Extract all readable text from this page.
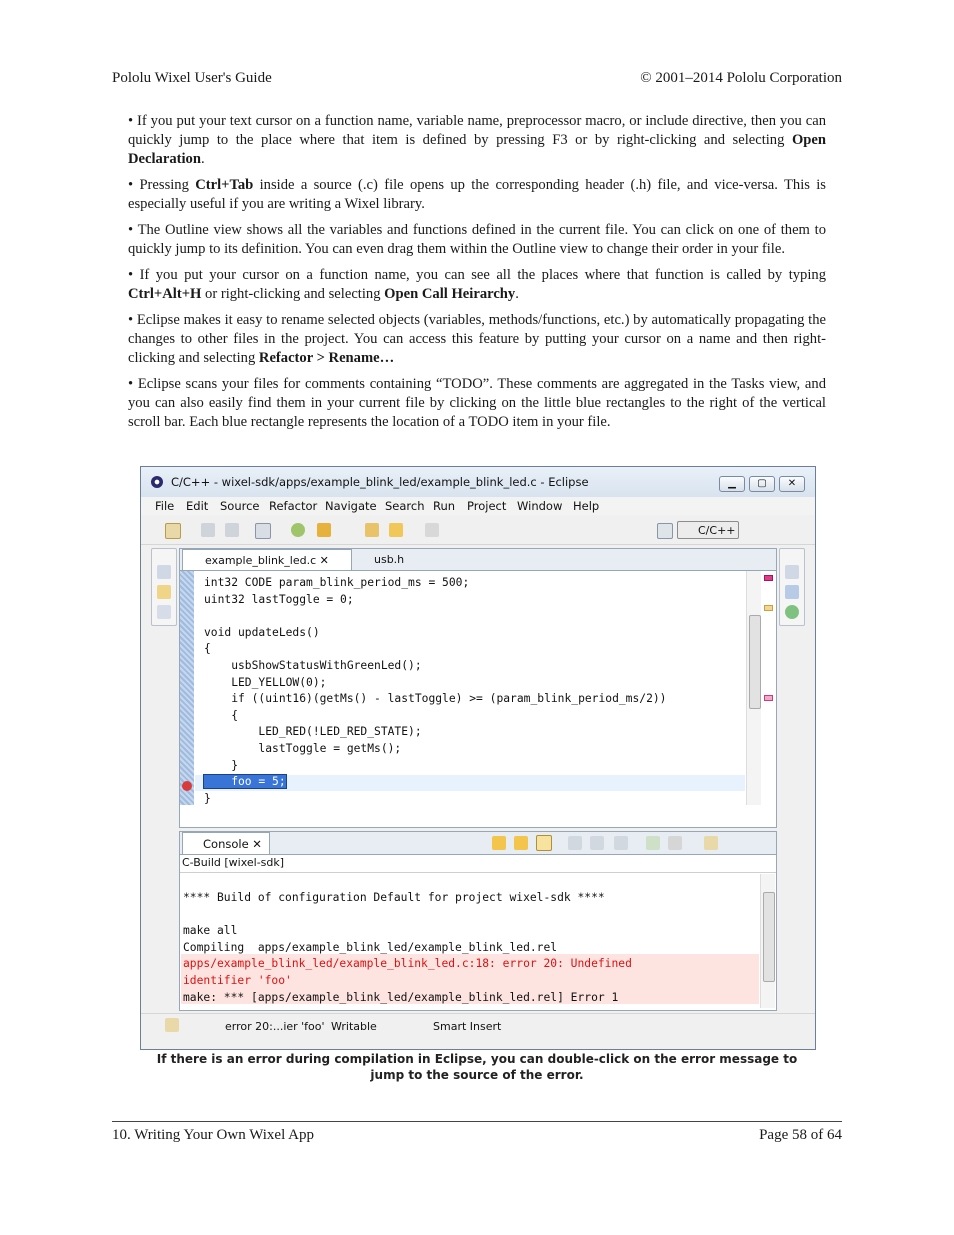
Pololu Wixel User's Guide	© 2001–2014 Pololu Corporation

• If you put your text cursor on a function name, variable name, preprocessor macro, or include directive, then you can quickly jump to the place where that item is defined by pressing F3 or by right-clicking and selecting Open Declaration.

• Pressing Ctrl+Tab inside a source (.c) file opens up the corresponding header (.h) file, and vice-versa. This is especially useful if you are writing a Wixel library.

• The Outline view shows all the variables and functions defined in the current file. You can click on one of them to quickly jump to its definition. You can even drag them within the Outline view to change their order in your file.

• If you put your cursor on a function name, you can see all the places where that function is called by typing Ctrl+Alt+H or right-clicking and selecting Open Call Heirarchy.

• Eclipse makes it easy to rename selected objects (variables, methods/functions, etc.) by automatically propagating the changes to other files in the project. You can access this feature by putting your cursor on a name and then right-clicking and selecting Refactor > Rename…

• Eclipse scans your files for comments containing “TODO”. These comments are aggregated in the Tasks view, and you can also easily find them in your current file by clicking on the little blue rectangles to the right of the vertical scroll bar. Each blue rectangle represents the location of a TODO item in your file.

C/C++ - wixel-sdk/apps/example_blink_led/example_blink_led.c - Eclipse	▁	▢	✕
File Edit Source Refactor Navigate Search Run Project Window Help
C/C++
example_blink_led.c ✕	usb.h
int32 CODE param_blink_period_ms = 500;
uint32 lastToggle = 0;

void updateLeds()
{
usbShowStatusWithGreenLed();
LED_YELLOW(0);
if ((uint16)(getMs() - lastToggle) >= (param_blink_period_ms/2))
{
LED_RED(!LED_RED_STATE);
lastToggle = getMs();
}
foo = 5;
}
Console ✕
C-Build [wixel-sdk]
**** Build of configuration Default for project wixel-sdk ****

make all
Compiling  apps/example_blink_led/example_blink_led.rel
apps/example_blink_led/example_blink_led.c:18: error 20: Undefined
identifier 'foo'
make: *** [apps/example_blink_led/example_blink_led.rel] Error 1
error 20:...ier 'foo' Writable	Smart Insert
If there is an error during compilation in Eclipse, you can double-click on the error message to jump to the source of the error.
10. Writing Your Own Wixel App	Page 58 of 64
